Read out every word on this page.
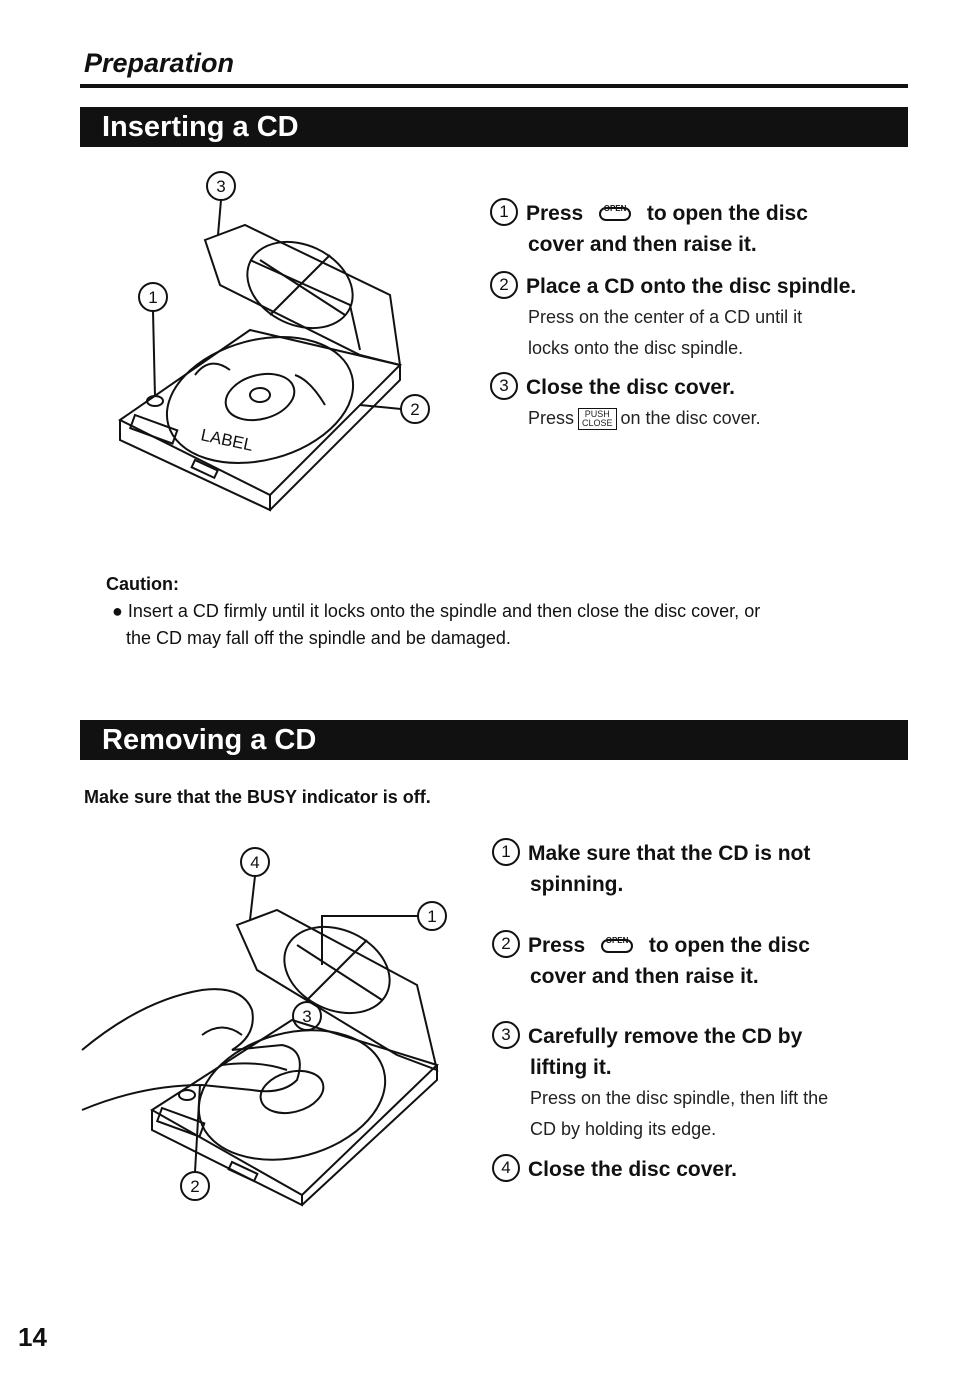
Preparation
Inserting a CD
3
1
2
LABEL
1 Press	OPEN to open the disc
cover and then raise it.
2 Place a CD onto the disc spindle.
Press on the center of a CD until it
locks onto the disc spindle.
3 Close the disc cover.
Press PUSH
CLOSE on the disc cover.
Caution:
● Insert a CD firmly until it locks onto the spindle and then close the disc cover, or
the CD may fall off the spindle and be damaged.
Removing a CD
Make sure that the BUSY indicator is off.
4
1
3
2
1 Make sure that the CD is not
spinning.
2 Press	OPEN to open the disc
cover and then raise it.
3 Carefully remove the CD by
lifting it.
Press on the disc spindle, then lift the
CD by holding its edge.
4 Close the disc cover.
14
